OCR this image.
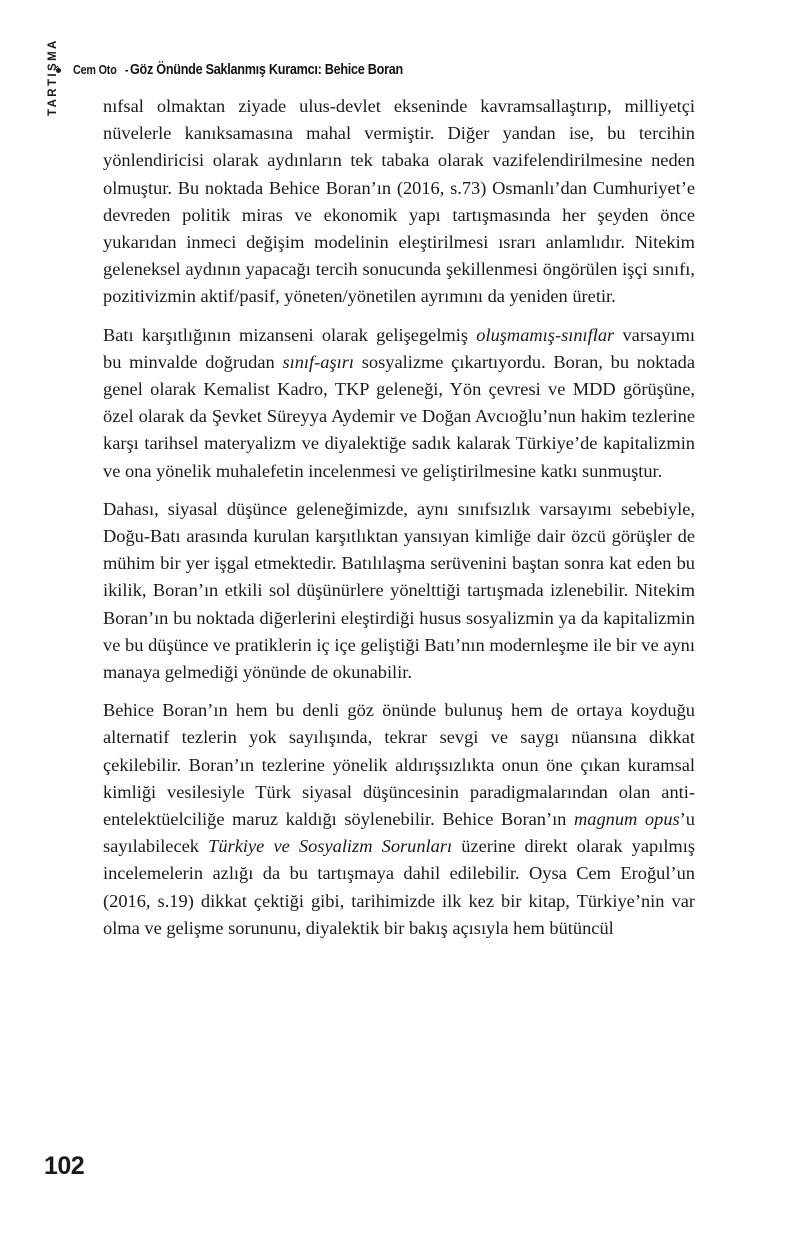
Cem Oto - Göz Önünde Saklanmış Kuramcı: Behice Boran
TARTIŞMA nıfsal olmaktan ziyade ulus-devlet ekseninde kavramsallaştırıp, milliyetçi nüvelerle kanıksamasına mahal vermiştir. Diğer yandan ise, bu tercihin yönlendiricisi olarak aydınların tek tabaka olarak vazifelendirilmesine neden olmuştur. Bu noktada Behice Boran’ın (2016, s.73) Osmanlı’dan Cumhuriyet’e devreden politik miras ve ekonomik yapı tartışmasında her şeyden önce yukarıdan inmeci değişim modelinin eleştirilmesi ısrarı anlamlıdır. Nitekim geleneksel aydının yapacağı tercih sonucunda şekillenmesi öngörülen işçi sınıfı, pozitivizmin aktif/pasif, yöneten/yönetilen ayrımını da yeniden üretir.

Batı karşıtlığının mizanseni olarak gelişegelmiş oluşmamış-sınıflar varsayımı bu minvalde doğrudan sınıf-aşırı sosyalizme çıkartıyordu. Boran, bu noktada genel olarak Kemalist Kadro, TKP geleneği, Yön çevresi ve MDD görüşüne, özel olarak da Şevket Süreyya Aydemir ve Doğan Avcıoğlu’nun hakim tezlerine karşı tarihsel materyalizm ve diyalektiğe sadık kalarak Türkiye’de kapitalizmin ve ona yönelik muhalefetin incelenmesi ve geliştirilmesine katkı sunmuştur.

Dahası, siyasal düşünce geleneğimizde, aynı sınıfsızlık varsayımı sebebiyle, Doğu-Batı arasında kurulan karşıtlıktan yansıyan kimliğe dair özcü görüşler de mühim bir yer işgal etmektedir. Batılılaşma serüvenini baştan sonra kat eden bu ikilik, Boran’ın etkili sol düşünürlere yönelttiği tartışmada izlenebilir. Nitekim Boran’ın bu noktada diğerlerini eleştirdiği husus sosyalizmin ya da kapitalizmin ve bu düşünce ve pratiklerin iç içe geliştiği Batı’nın modernleşme ile bir ve aynı manaya gelmediği yönünde de okunabilir.

Behice Boran’ın hem bu denli göz önünde bulunuş hem de ortaya koyduğu alternatif tezlerin yok sayılışında, tekrar sevgi ve saygı nüansına dikkat çekilebilir. Boran’ın tezlerine yönelik aldırışsızlıkta onun öne çıkan kuramsal kimliği vesilesiyle Türk siyasal düşüncesinin paradigmalarından olan anti-entelektüelciliğe maruz kaldığı söylenebilir. Behice Boran’ın magnum opus’u sayılabilecek Türkiye ve Sosyalizm Sorunları üzerine direkt olarak yapılmış incelemelerin azlığı da bu tartışmaya dahil edilebilir. Oysa Cem Eroğul’un (2016, s.19) dikkat çektiği gibi, tarihimizde ilk kez bir kitap, Türkiye’nin var olma ve gelişme sorununu, diyalektik bir bakış açısıyla hem bütüncül

102
